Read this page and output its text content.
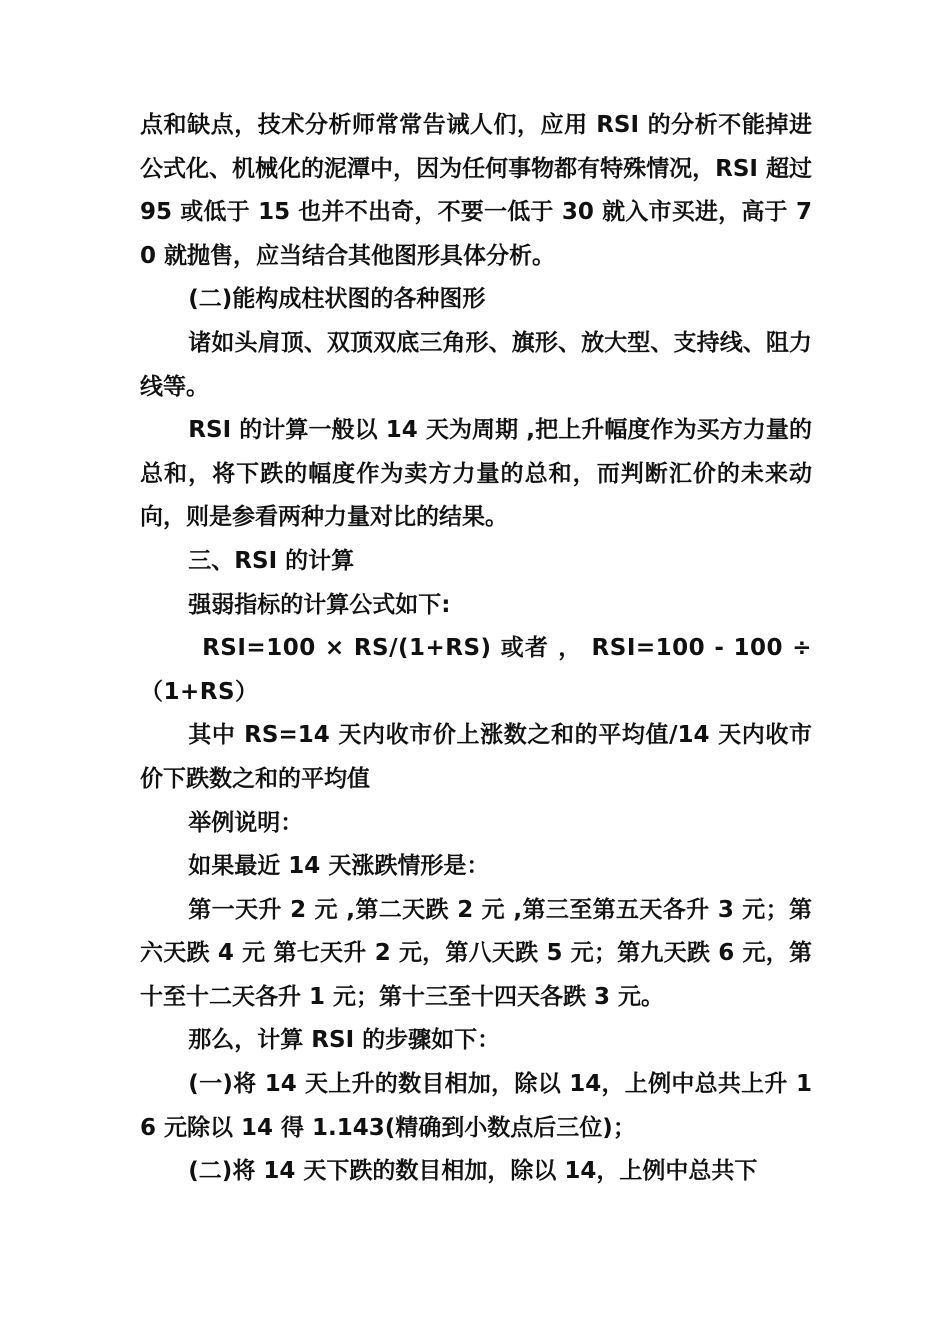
点和缺点，技术分析师常常告诫人们，应用 RSI 的分析不能掉进公式化、机械化的泥潭中，因为任何事物都有特殊情况，RSI 超过 95 或低于 15 也并不出奇，不要一低于 30 就入市买进，高于 70 就抛售，应当结合其他图形具体分析。

(二)能构成柱状图的各种图形

诸如头肩顶、双顶双底三角形、旗形、放大型、支持线、阻力线等。

RSI 的计算一般以 14 天为周期 ,把上升幅度作为买方力量的总和，将下跌的幅度作为卖方力量的总和，而判断汇价的未来动向，则是参看两种力量对比的结果。

三、RSI 的计算

强弱指标的计算公式如下:

RSI=100 × RS/(1+RS) 或者 ， RSI=100 - 100 ÷（1+RS）

其中 RS=14 天内收市价上涨数之和的平均值/14 天内收市价下跌数之和的平均值

举例说明：

如果最近 14 天涨跌情形是：

第一天升 2 元 ,第二天跌 2 元 ,第三至第五天各升 3 元；第六天跌 4 元 第七天升 2 元，第八天跌 5 元；第九天跌 6 元，第十至十二天各升 1 元；第十三至十四天各跌 3 元。

那么，计算 RSI 的步骤如下：

(一)将 14 天上升的数目相加，除以 14，上例中总共上升 16 元除以 14 得 1.143(精确到小数点后三位)；

(二)将 14 天下跌的数目相加，除以 14，上例中总共下
